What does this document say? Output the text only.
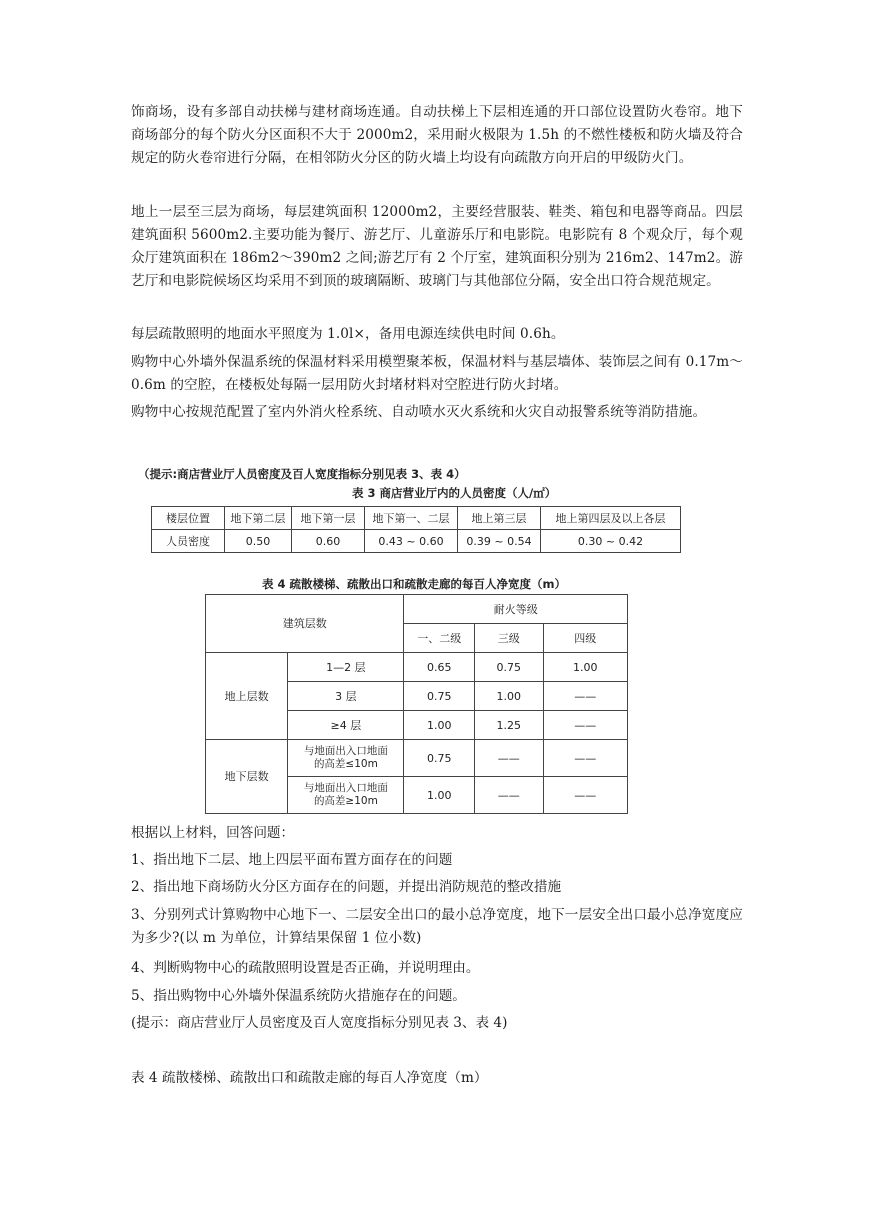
饰商场，设有多部自动扶梯与建材商场连通。自动扶梯上下层相连通的开口部位设置防火卷帘。地下商场部分的每个防火分区面积不大于 2000m2，采用耐火极限为 1.5h 的不燃性楼板和防火墙及符合规定的防火卷帘进行分隔，在相邻防火分区的防火墙上均设有向疏散方向开启的甲级防火门。

地上一层至三层为商场，每层建筑面积 12000m2，主要经营服装、鞋类、箱包和电器等商品。四层建筑面积 5600m2.主要功能为餐厅、游艺厅、儿童游乐厅和电影院。电影院有 8 个观众厅，每个观众厅建筑面积在 186m2～390m2 之间;游艺厅有 2 个厅室，建筑面积分别为 216m2、147m2。游艺厅和电影院候场区均采用不到顶的玻璃隔断、玻璃门与其他部位分隔，安全出口符合规范规定。

每层疏散照明的地面水平照度为 1.0l×，备用电源连续供电时间 0.6h。

购物中心外墙外保温系统的保温材料采用模塑聚苯板，保温材料与基层墙体、装饰层之间有 0.17m～0.6m 的空腔，在楼板处每隔一层用防火封堵材料对空腔进行防火封堵。

购物中心按规范配置了室内外消火栓系统、自动喷水灭火系统和火灾自动报警系统等消防措施。

（提示:商店营业厅人员密度及百人宽度指标分别见表 3、表 4）
表 3 商店营业厅内的人员密度（人/㎡）
楼层位置	地下第二层	地下第一层	地下第一、二层	地上第三层	地上第四层及以上各层
人员密度	0.50	0.60	0.43 ~ 0.60	0.39 ~ 0.54	0.30 ~ 0.42
表 4 疏散楼梯、疏散出口和疏散走廊的每百人净宽度（m）
建筑层数		耐火等级		
		一、二级	三级	四级
地上层数	1—2 层	0.65	0.75	1.00
	3 层	0.75	1.00	——
	≥4 层	1.00	1.25	——
地下层数	与地面出入口地面
的高差≤10m	0.75	——	——

	与地面出入口地面
的高差≥10m	1.00	——	——

根据以上材料，回答问题：

1、指出地下二层、地上四层平面布置方面存在的问题

2、指出地下商场防火分区方面存在的问题，并提出消防规范的整改措施

3、分别列式计算购物中心地下一、二层安全出口的最小总净宽度，地下一层安全出口最小总净宽度应为多少?(以 m 为单位，计算结果保留 1 位小数)

4、判断购物中心的疏散照明设置是否正确，并说明理由。

5、指出购物中心外墙外保温系统防火措施存在的问题。

(提示：商店营业厅人员密度及百人宽度指标分别见表 3、表 4)

表 4 疏散楼梯、疏散出口和疏散走廊的每百人净宽度（m）
